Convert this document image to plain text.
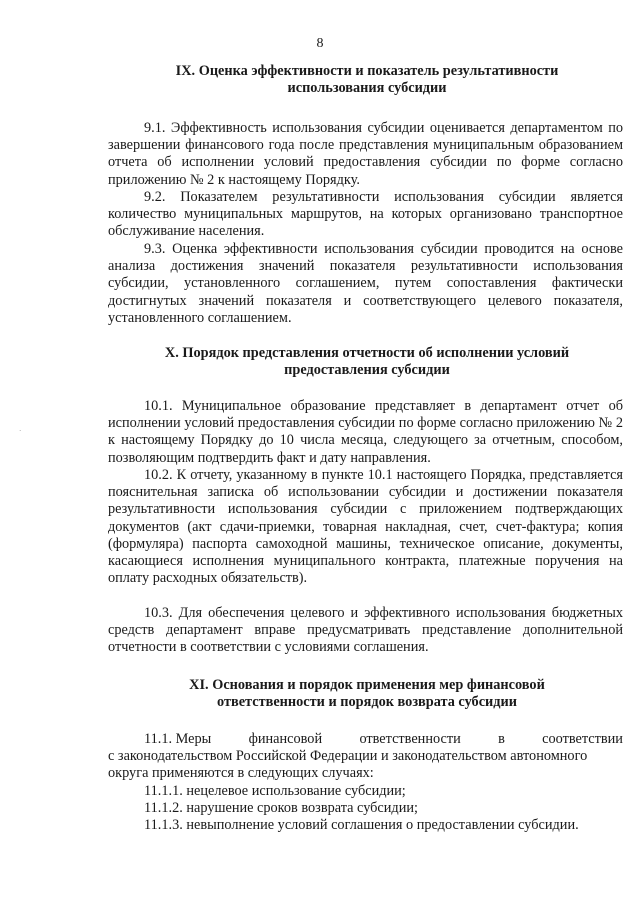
8
IX. Оценка эффективности и показатель результативности
использования субсидии
9.1. Эффективность использования субсидии оценивается департаментом по завершении финансового года после представления муниципальным образованием отчета об исполнении условий предоставления субсидии по форме согласно приложению № 2 к настоящему Порядку.
9.2. Показателем результативности использования субсидии является количество муниципальных маршрутов, на которых организовано транспортное обслуживание населения.
9.3. Оценка эффективности использования субсидии проводится на основе анализа достижения значений показателя результативности использования субсидии, установленного соглашением, путем сопоставления фактически достигнутых значений показателя и соответствующего целевого показателя, установленного соглашением.
X. Порядок представления отчетности об исполнении условий
предоставления субсидии
10.1. Муниципальное образование представляет в департамент отчет об исполнении условий предоставления субсидии по форме согласно приложению № 2 к настоящему Порядку до 10 числа месяца, следующего за отчетным, способом, позволяющим подтвердить факт и дату направления.
10.2. К отчету, указанному в пункте 10.1 настоящего Порядка, представляется пояснительная записка об использовании субсидии и достижении показателя результативности использования субсидии с приложением подтверждающих документов (акт сдачи-приемки, товарная накладная, счет, счет-фактура; копия (формуляра) паспорта самоходной машины, техническое описание, документы, касающиеся исполнения муниципального контракта, платежные поручения на оплату расходных обязательств).
10.3. Для обеспечения целевого и эффективного использования бюджетных средств департамент вправе предусматривать представление дополнительной отчетности в соответствии с условиями соглашения.
·
XI. Основания и порядок применения мер финансовой
ответственности и порядок возврата субсидии
11.1. Меры	финансовой	ответственности	в	соответствии
с законодательством Российской Федерации и законодательством автономного
округа применяются в следующих случаях:
11.1.1. нецелевое использование субсидии;
11.1.2. нарушение сроков возврата субсидии;
11.1.3. невыполнение условий соглашения о предоставлении субсидии.
